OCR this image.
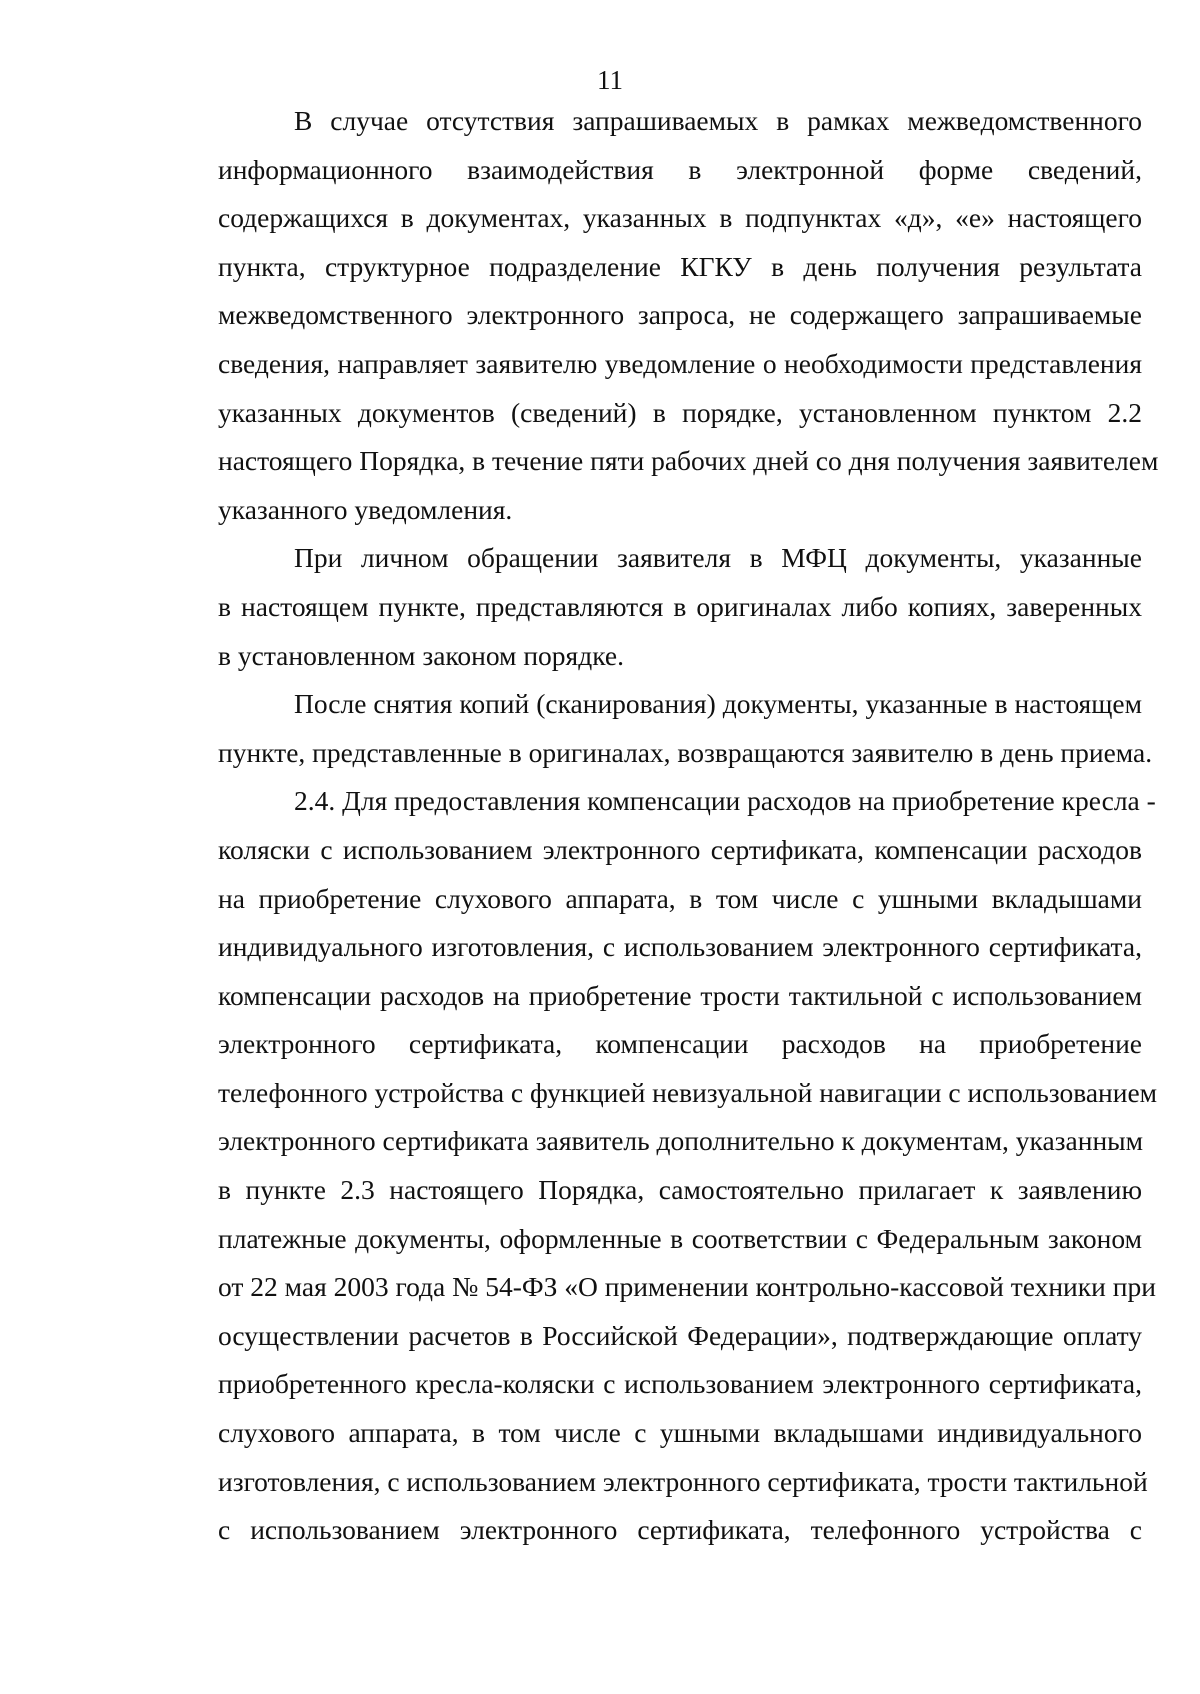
11
В случае отсутствия запрашиваемых в рамках межведомственного
информационного взаимодействия в электронной форме сведений,
содержащихся в документах, указанных в подпунктах «д», «е» настоящего
пункта, структурное подразделение КГКУ в день получения результата
межведомственного электронного запроса, не содержащего запрашиваемые
сведения, направляет заявителю уведомление о необходимости представления
указанных документов (сведений) в порядке, установленном пунктом 2.2
настоящего Порядка, в течение пяти рабочих дней со дня получения заявителем
указанного уведомления.
При личном обращении заявителя в МФЦ документы, указанные
в настоящем пункте, представляются в оригиналах либо копиях, заверенных
в установленном законом порядке.
После снятия копий (сканирования) документы, указанные в настоящем
пункте, представленные в оригиналах, возвращаются заявителю в день приема.
2.4. Для предоставления компенсации расходов на приобретение кресла -
коляски с использованием электронного сертификата, компенсации расходов
на приобретение слухового аппарата, в том числе с ушными вкладышами
индивидуального изготовления, с использованием электронного сертификата,
компенсации расходов на приобретение трости тактильной с использованием
электронного сертификата, компенсации расходов на приобретение
телефонного устройства с функцией невизуальной навигации с использованием
электронного сертификата заявитель дополнительно к документам, указанным
в пункте 2.3 настоящего Порядка, самостоятельно прилагает к заявлению
платежные документы, оформленные в соответствии с Федеральным законом
от 22 мая 2003 года № 54-ФЗ «О применении контрольно-кассовой техники при
осуществлении расчетов в Российской Федерации», подтверждающие оплату
приобретенного кресла-коляски с использованием электронного сертификата,
слухового аппарата, в том числе с ушными вкладышами индивидуального
изготовления, с использованием электронного сертификата, трости тактильной
с использованием электронного сертификата, телефонного устройства с
